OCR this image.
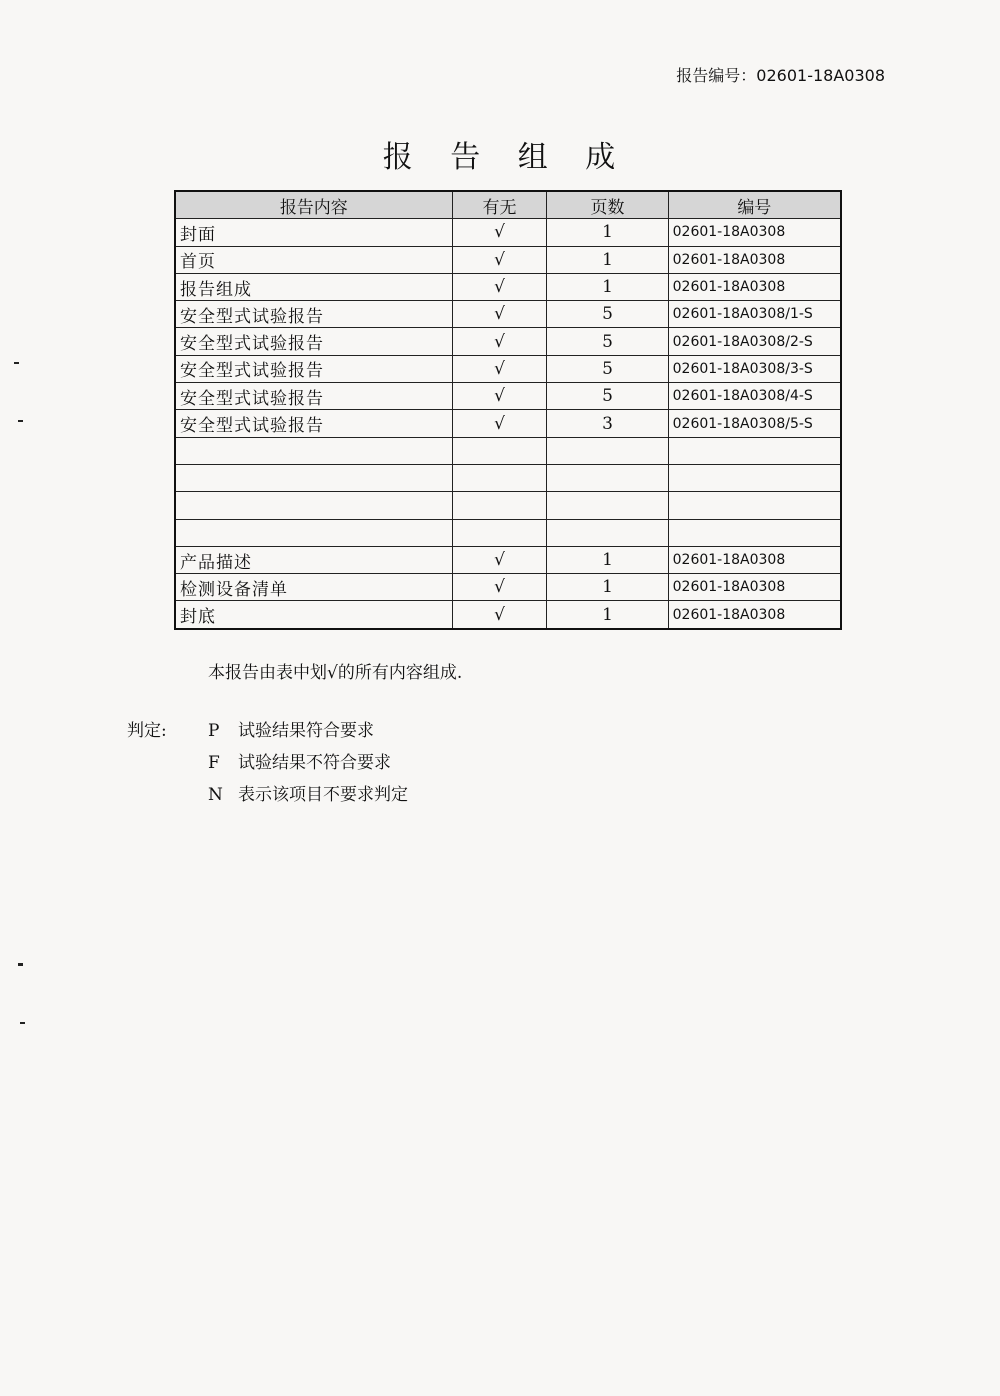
报告编号：02601-18A0308
报 告 组 成
报告内容	有无	页数	编号
封面	√	1	02601-18A0308
首页	√	1	02601-18A0308
报告组成	√	1	02601-18A0308
安全型式试验报告	√	5	02601-18A0308/1-S
安全型式试验报告	√	5	02601-18A0308/2-S
安全型式试验报告	√	5	02601-18A0308/3-S
安全型式试验报告	√	5	02601-18A0308/4-S
安全型式试验报告	√	3	02601-18A0308/5-S

产品描述	√	1	02601-18A0308
检测设备清单	√	1	02601-18A0308
封底	√	1	02601-18A0308
本报告由表中划√的所有内容组成.
判定: P 试验结果符合要求
F 试验结果不符合要求
N 表示该项目不要求判定
